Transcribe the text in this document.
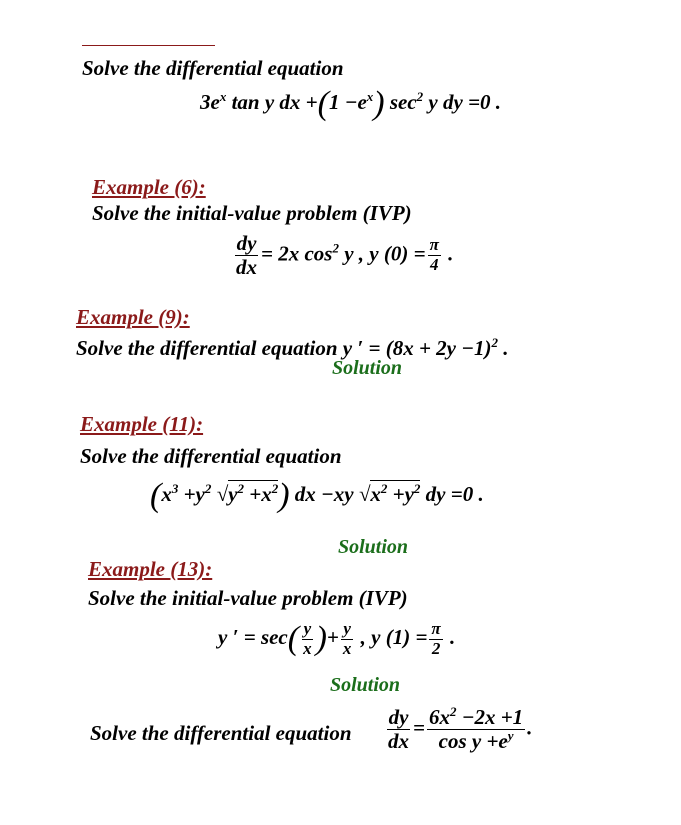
Solve the differential equation
$3e^x$ tan y dx $+(1 -e^x)$ $\sec^2 y$ dy =0 .
Example (6):
Solve the initial-value problem (IVP)
$\frac{dy}{dx} = 2x$ $\cos^2 y$ , y $(0) = \frac{\pi}{4}$ .
Example (9):
Solve the differential equation y ′ = $(8x + 2y -1)^2$ .
Solution
Example (11):
Solve the differential equation
($x^3 +y^2$ $√y^2 +x^2$) dx −xy $√x^2 +y^2$ dy =0 .
Solution
Example (13):
Solve the initial-value problem (IVP)
y ′ = $\sec( \frac{y}{x}$ )+ $\frac{y}{x}$ , y $(1) = \frac{\pi}{2}$ .
Solution
Solve the differential equation $\frac{dy}{dx} = \frac{6x^2 -2x +1}{\cos y +e^y}$ .
